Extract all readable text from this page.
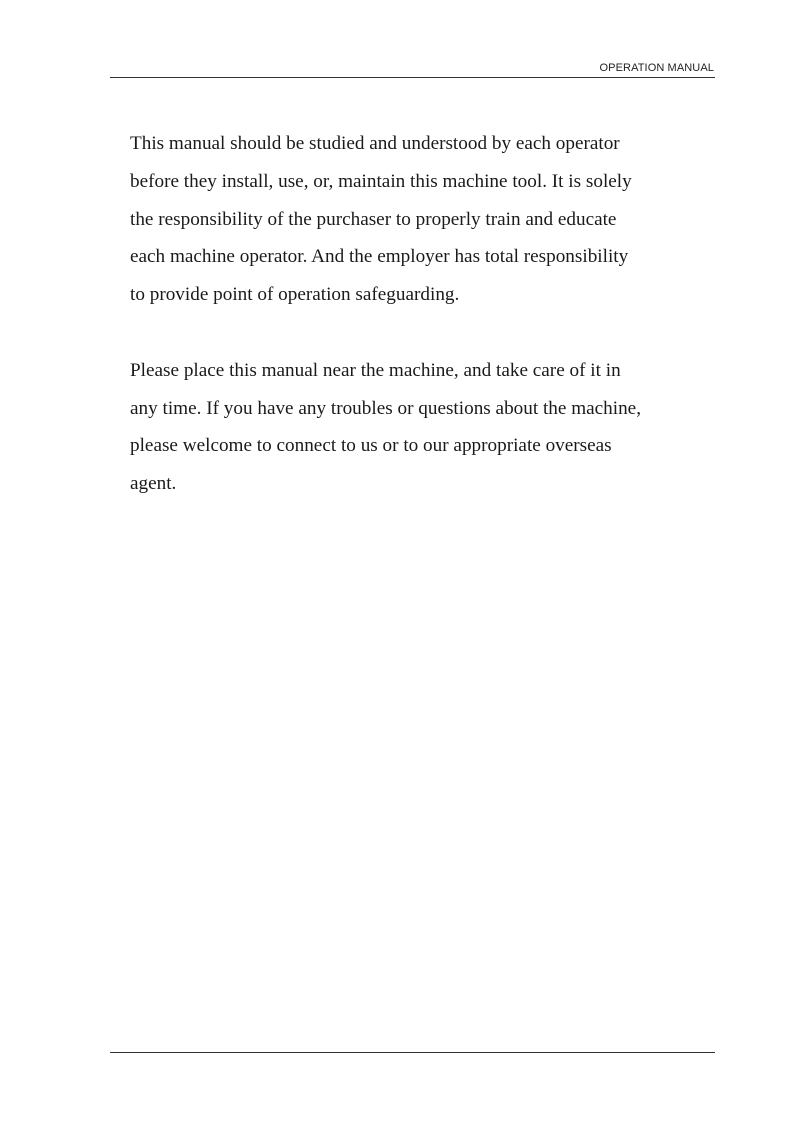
OPERATION MANUAL

This manual should be studied and understood by each operator

before they install, use, or, maintain this machine tool. It is solely

the responsibility of the purchaser to properly train and educate

each machine operator. And the employer has total responsibility

to provide point of operation safeguarding.

Please place this manual near the machine, and take care of it in

any time. If you have any troubles or questions about the machine,

please welcome to connect to us or to our appropriate overseas

agent.
